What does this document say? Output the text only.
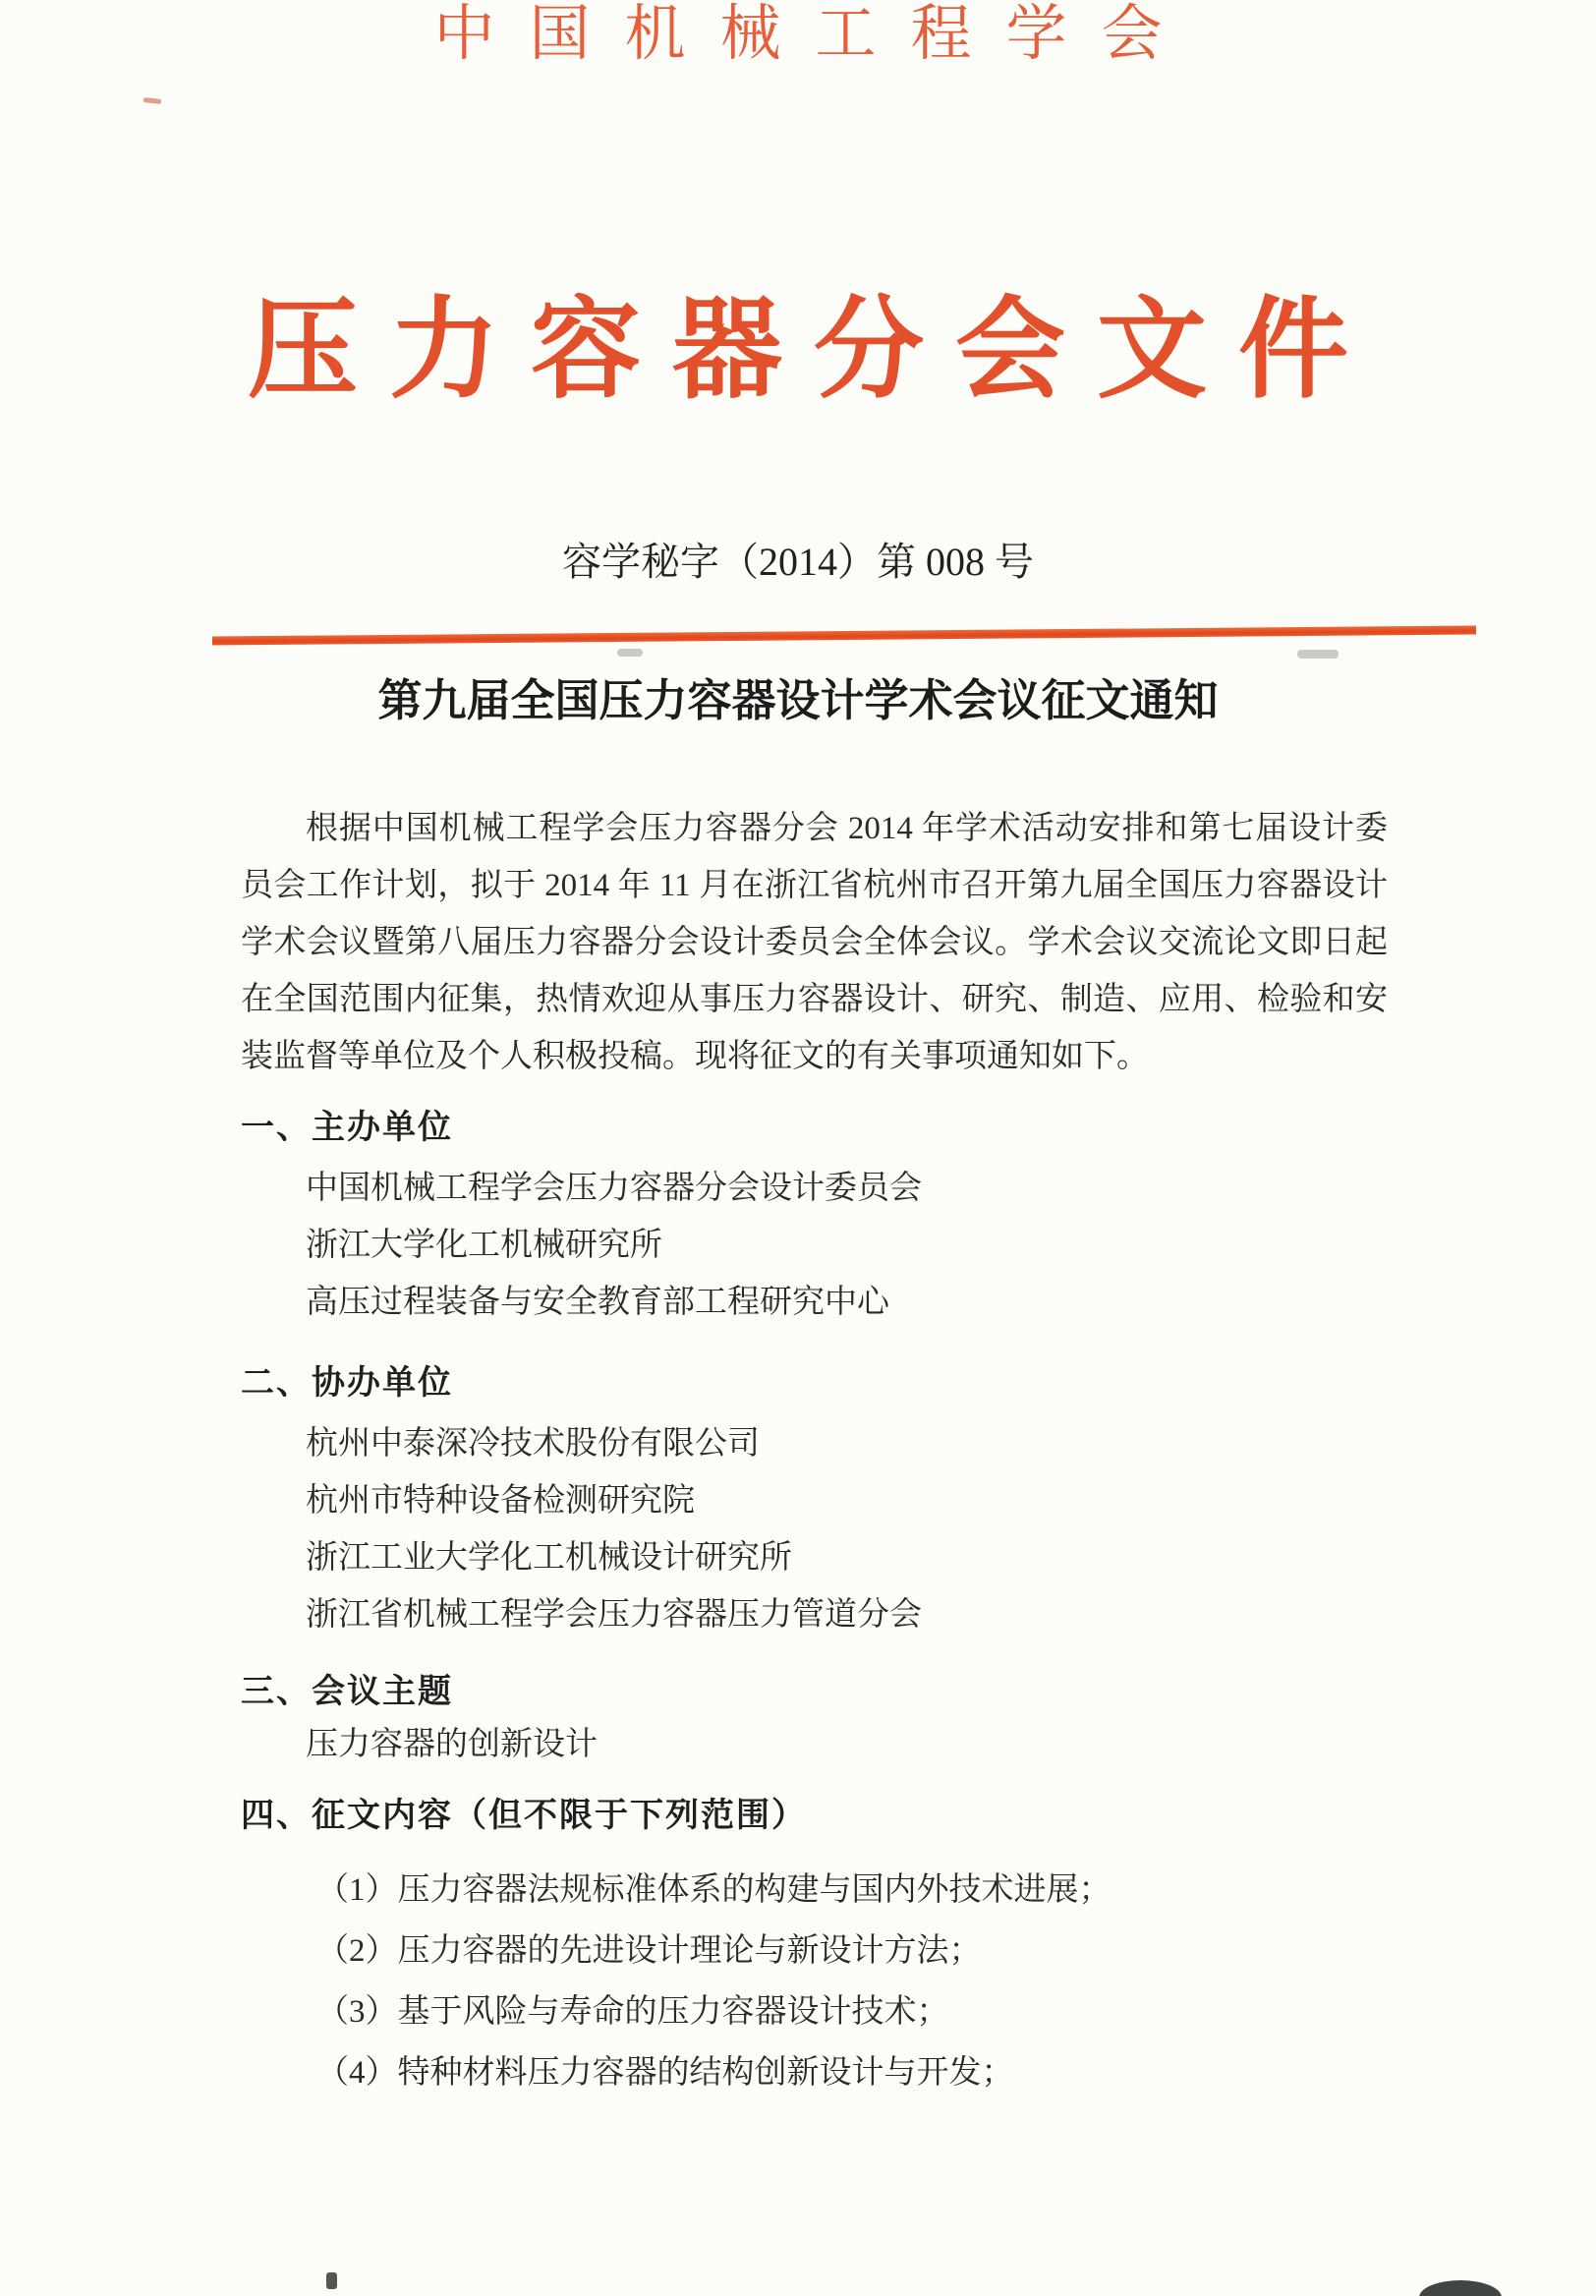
中国机械工程学会
压力容器分会文件
容学秘字（2014）第 008 号
第九届全国压力容器设计学术会议征文通知
根据中国机械工程学会压力容器分会 2014 年学术活动安排和第七届设计委
员会工作计划，拟于 2014 年 11 月在浙江省杭州市召开第九届全国压力容器设计
学术会议暨第八届压力容器分会设计委员会全体会议。学术会议交流论文即日起
在全国范围内征集，热情欢迎从事压力容器设计、研究、制造、应用、检验和安
装监督等单位及个人积极投稿。现将征文的有关事项通知如下。
一、主办单位
中国机械工程学会压力容器分会设计委员会
浙江大学化工机械研究所
高压过程装备与安全教育部工程研究中心
二、协办单位
杭州中泰深冷技术股份有限公司
杭州市特种设备检测研究院
浙江工业大学化工机械设计研究所
浙江省机械工程学会压力容器压力管道分会
三、会议主题
压力容器的创新设计
四、征文内容（但不限于下列范围）
（1）压力容器法规标准体系的构建与国内外技术进展；
（2）压力容器的先进设计理论与新设计方法；
（3）基于风险与寿命的压力容器设计技术；
（4）特种材料压力容器的结构创新设计与开发；
